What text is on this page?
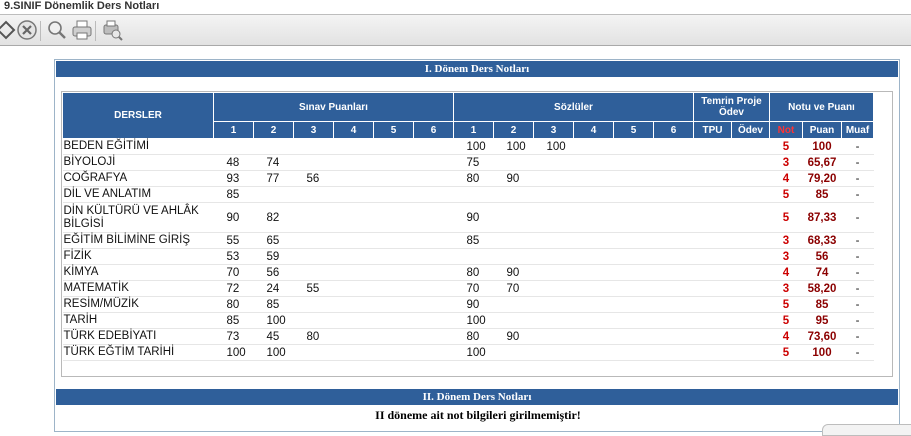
9.SINIF Dönemlik Ders Notları
I. Dönem Ders Notları
DERSLER	Sınav Puanları						Sözlüler						Temrin Proje Ödev		Notu ve Puanı		
	1	2	3	4	5	6	1	2	3	4	5	6	TPU	Ödev	Not	Puan	Muaf
BEDEN EĞİTİMİ							100	100	100						5	100	-
BİYOLOJİ	48	74					75								3	65,67	-
COĞRAFYA	93	77	56				80	90							4	79,20	-
DİL VE ANLATIM	85														5	85	-
DİN KÜLTÜRÜ VE AHLÂK BİLGİSİ	90	82					90								5	87,33	-
EĞİTİM BİLİMİNE GİRİŞ	55	65					85								3	68,33	-
FİZİK	53	59													3	56	-
KİMYA	70	56					80	90							4	74	-
MATEMATİK	72	24	55				70	70							3	58,20	-
RESİM/MÜZİK	80	85					90								5	85	-
TARİH	85	100					100								5	95	-
TÜRK EDEBİYATI	73	45	80				80	90							4	73,60	-
TÜRK EĞTİM TARİHİ	100	100					100								5	100	-
II. Dönem Ders Notları
II döneme ait not bilgileri girilmemiştir!
